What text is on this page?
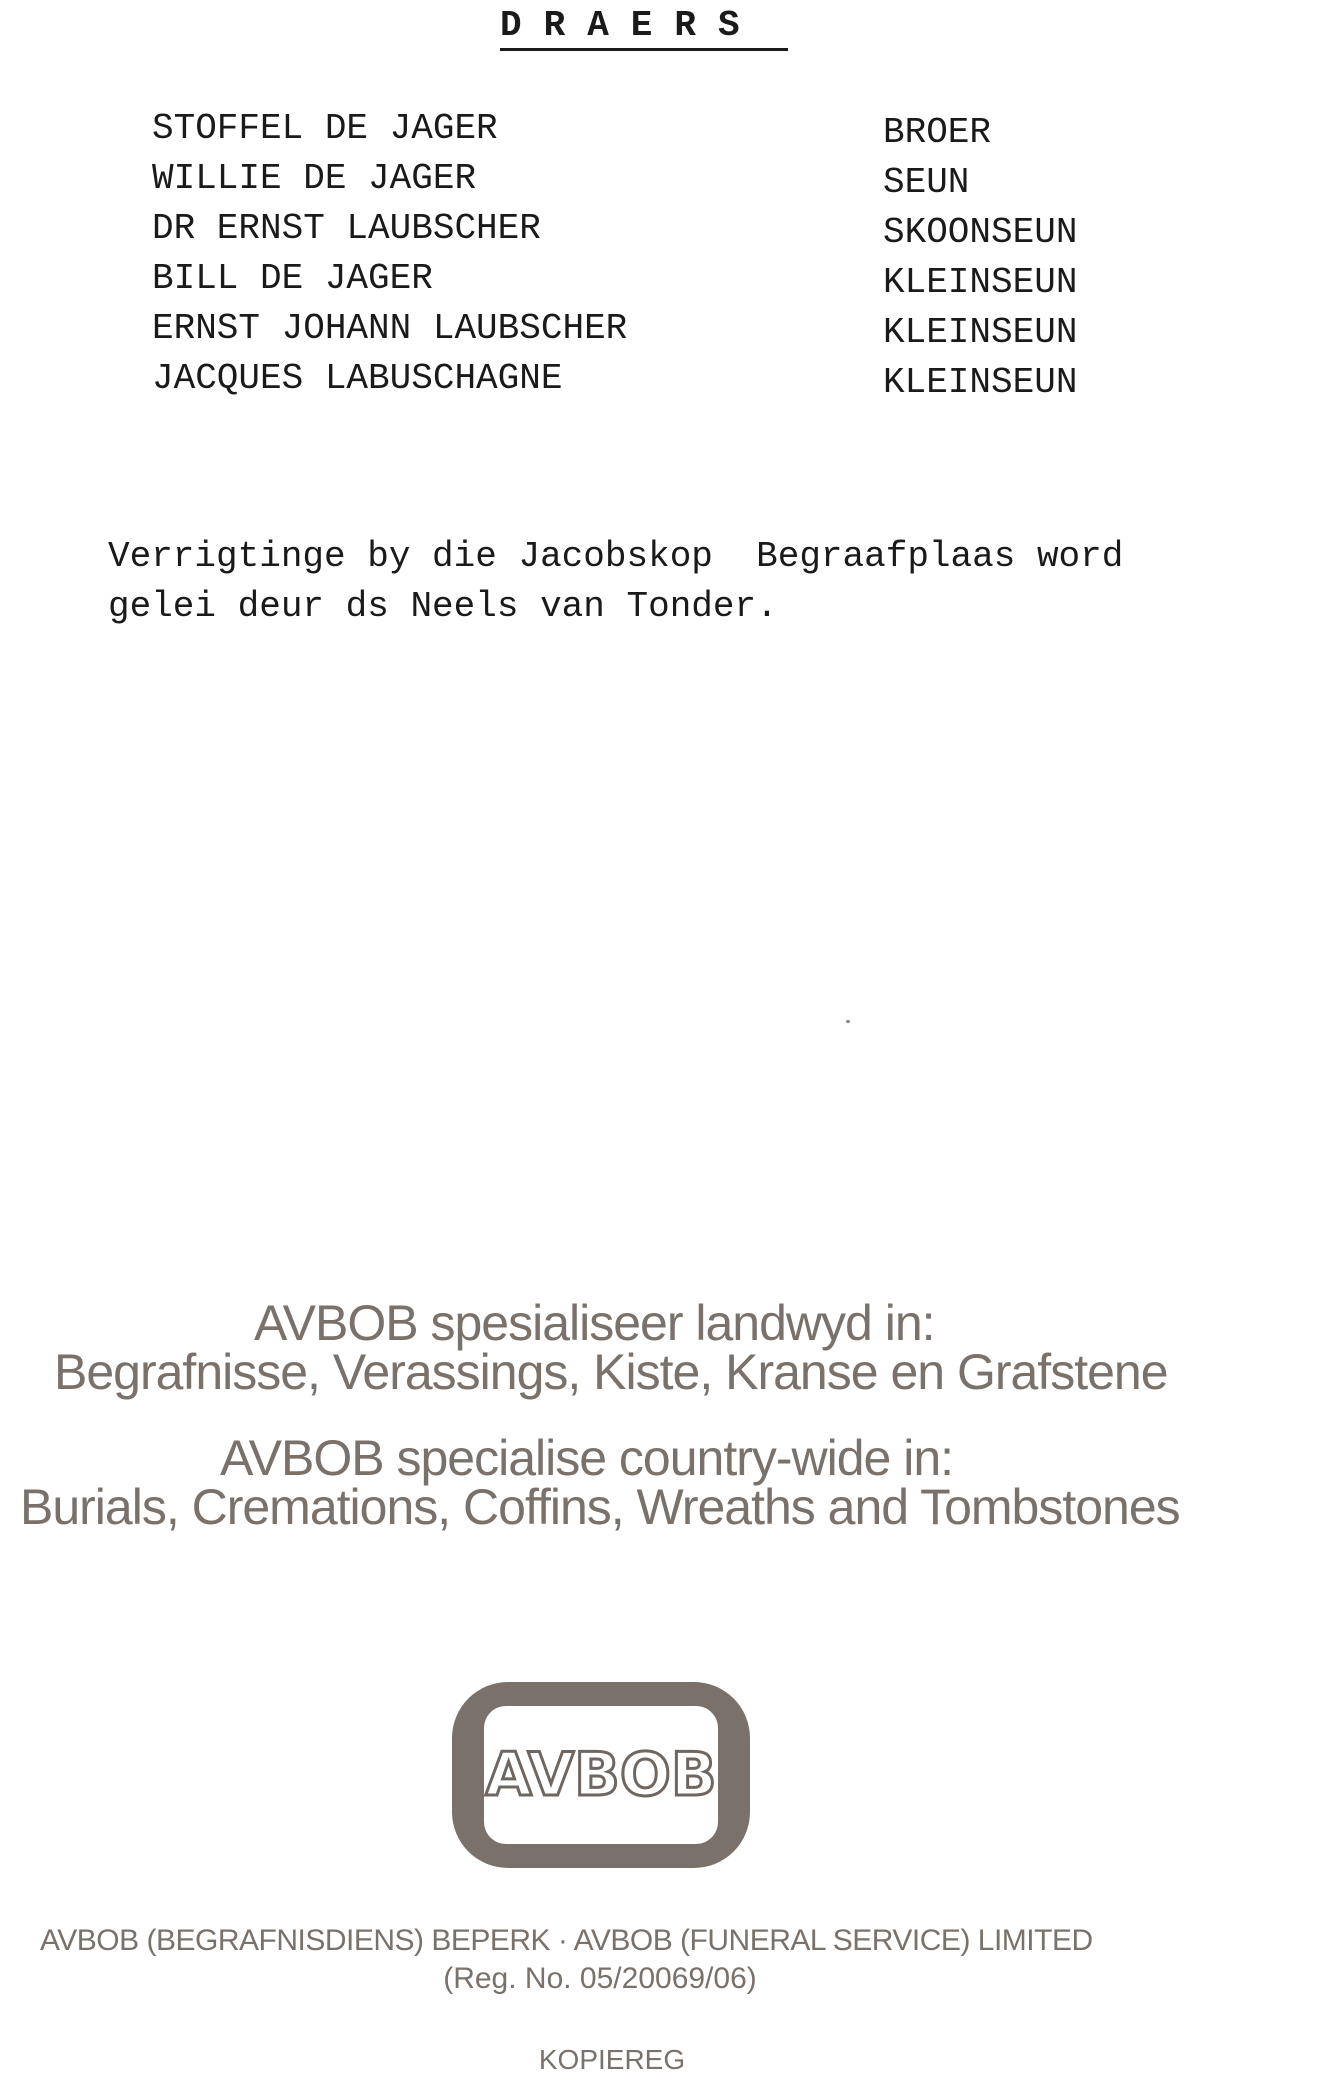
DRAERS
STOFFEL DE JAGER	BROER
WILLIE DE JAGER	SEUN
DR ERNST LAUBSCHER	SKOONSEUN
BILL DE JAGER	KLEINSEUN
ERNST JOHANN LAUBSCHER	KLEINSEUN
JACQUES LABUSCHAGNE	KLEINSEUN
Verrigtinge by die Jacobskop  Begraafplaas word
gelei deur ds Neels van Tonder.
AVBOB spesialiseer landwyd in:
Begrafnisse, Verassings, Kiste, Kranse en Grafstene
AVBOB specialise country-wide in:
Burials, Cremations, Coffins, Wreaths and Tombstones
AVBOB
AVBOB (BEGRAFNISDIENS) BEPERK · AVBOB (FUNERAL SERVICE) LIMITED
(Reg. No. 05/20069/06)
KOPIEREG
